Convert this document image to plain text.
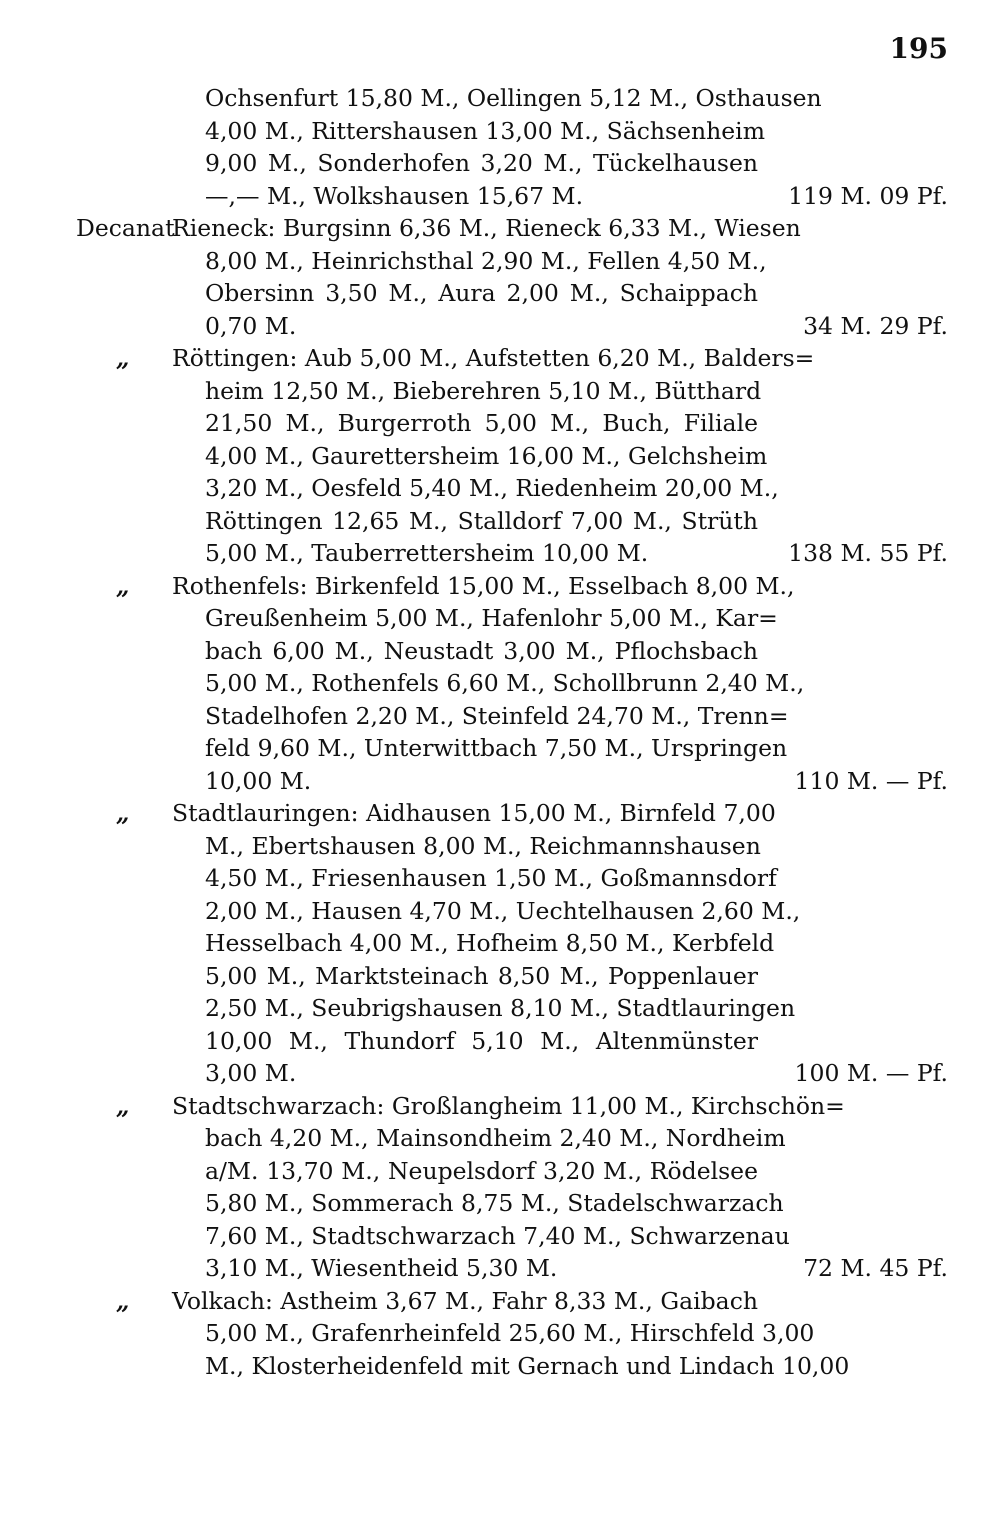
195
Ochsenfurt 15,80 M., Oellingen 5,12 M., Osthausen
4,00 M., Rittershausen 13,00 M., Sächsenheim
9,00 M., Sonderhofen 3,20 M., Tückelhausen
—,— M., Wolkshausen 15,67 M.	119 M. 09 Pf.
Decanat
Rieneck: Burgsinn 6,36 M., Rieneck 6,33 M., Wiesen
8,00 M., Heinrichsthal 2,90 M., Fellen 4,50 M.,
Obersinn 3,50 M., Aura 2,00 M., Schaippach
0,70 M.	34 M. 29 Pf.
„ Röttingen: Aub 5,00 M., Aufstetten 6,20 M., Balders=
heim 12,50 M., Bieberehren 5,10 M., Bütthard
21,50 M., Burgerroth 5,00 M., Buch, Filiale
4,00 M., Gaurettersheim 16,00 M., Gelchsheim
3,20 M., Oesfeld 5,40 M., Riedenheim 20,00 M.,
Röttingen 12,65 M., Stalldorf 7,00 M., Strüth
5,00 M., Tauberrettersheim 10,00 M.	138 M. 55 Pf.
„ Rothenfels: Birkenfeld 15,00 M., Esselbach 8,00 M.,
Greußenheim 5,00 M., Hafenlohr 5,00 M., Kar=
bach 6,00 M., Neustadt 3,00 M., Pflochsbach
5,00 M., Rothenfels 6,60 M., Schollbrunn 2,40 M.,
Stadelhofen 2,20 M., Steinfeld 24,70 M., Trenn=
feld 9,60 M., Unterwittbach 7,50 M., Urspringen
10,00 M.	110 M. — Pf.
„ Stadtlauringen: Aidhausen 15,00 M., Birnfeld 7,00
M., Ebertshausen 8,00 M., Reichmannshausen
4,50 M., Friesenhausen 1,50 M., Goßmannsdorf
2,00 M., Hausen 4,70 M., Uechtelhausen 2,60 M.,
Hesselbach 4,00 M., Hofheim 8,50 M., Kerbfeld
5,00 M., Marktsteinach 8,50 M., Poppenlauer
2,50 M., Seubrigshausen 8,10 M., Stadtlauringen
10,00 M., Thundorf 5,10 M., Altenmünster
3,00 M.	100 M. — Pf.
„ Stadtschwarzach: Großlangheim 11,00 M., Kirchschön=
bach 4,20 M., Mainsondheim 2,40 M., Nordheim
a/M. 13,70 M., Neupelsdorf 3,20 M., Rödelsee
5,80 M., Sommerach 8,75 M., Stadelschwarzach
7,60 M., Stadtschwarzach 7,40 M., Schwarzenau
3,10 M., Wiesentheid 5,30 M.	72 M. 45 Pf.
„ Volkach: Astheim 3,67 M., Fahr 8,33 M., Gaibach
5,00 M., Grafenrheinfeld 25,60 M., Hirschfeld 3,00
M., Klosterheidenfeld mit Gernach und Lindach 10,00
